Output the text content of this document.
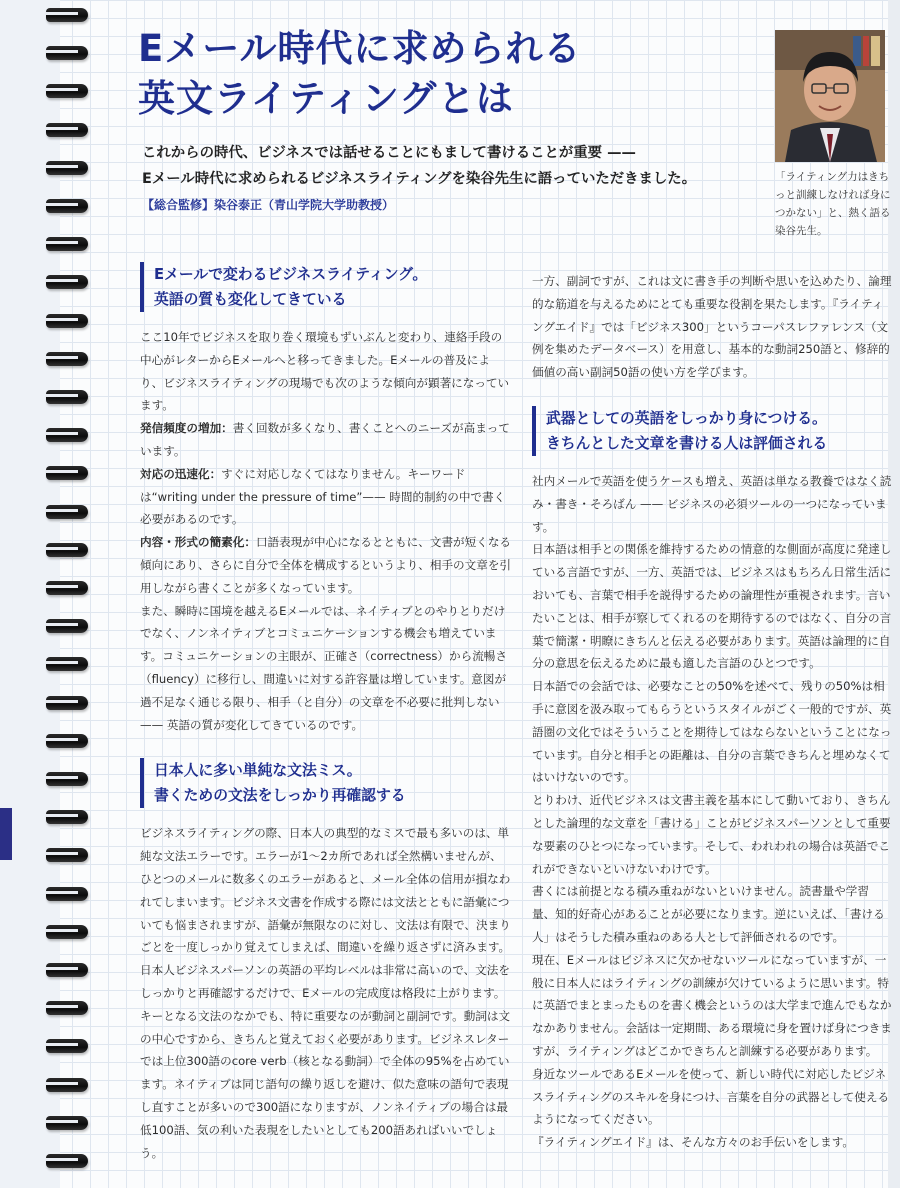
Eメール時代に求められる
英文ライティングとは
これからの時代、ビジネスでは話せることにもまして書けることが重要 ——
Eメール時代に求められるビジネスライティングを染谷先生に語っていただきました。
【総合監修】染谷泰正（青山学院大学助教授）
「ライティング力はきちっと訓練しなければ身につかない」と、熱く語る染谷先生。
Eメールで変わるビジネスライティング。
英語の質も変化してきている

ここ10年でビジネスを取り巻く環境もずいぶんと変わり、連絡手段の中心がレターからEメールへと移ってきました。Eメールの普及により、ビジネスライティングの現場でも次のような傾向が顕著になっています。

発信頻度の増加：書く回数が多くなり、書くことへのニーズが高まっています。

対応の迅速化：すぐに対応しなくてはなりません。キーワードは“writing under the pressure of time”—— 時間的制約の中で書く必要があるのです。

内容・形式の簡素化：口語表現が中心になるとともに、文書が短くなる傾向にあり、さらに自分で全体を構成するというより、相手の文章を引用しながら書くことが多くなっています。

また、瞬時に国境を越えるEメールでは、ネイティブとのやりとりだけでなく、ノンネイティブとコミュニケーションする機会も増えています。コミュニケーションの主眼が、正確さ（correctness）から流暢さ（fluency）に移行し、間違いに対する許容量は増しています。意図が過不足なく通じる限り、相手（と自分）の文章を不必要に批判しない —— 英語の質が変化してきているのです。

日本人に多い単純な文法ミス。
書くための文法をしっかり再確認する

ビジネスライティングの際、日本人の典型的なミスで最も多いのは、単純な文法エラーです。エラーが1〜2カ所であれば全然構いませんが、ひとつのメールに数多くのエラーがあると、メール全体の信用が損なわれてしまいます。ビジネス文書を作成する際には文法とともに語彙についても悩まされますが、語彙が無限なのに対し、文法は有限で、決まりごとを一度しっかり覚えてしまえば、間違いを繰り返さずに済みます。日本人ビジネスパーソンの英語の平均レベルは非常に高いので、文法をしっかりと再確認するだけで、Eメールの完成度は格段に上がります。

キーとなる文法のなかでも、特に重要なのが動詞と副詞です。動詞は文の中心ですから、きちんと覚えておく必要があります。ビジネスレターでは上位300語のcore verb（核となる動詞）で全体の95%を占めています。ネイティブは同じ語句の繰り返しを避け、似た意味の語句で表現し直すことが多いので300語になりますが、ノンネイティブの場合は最低100語、気の利いた表現をしたいとしても200語あればいいでしょう。

一方、副詞ですが、これは文に書き手の判断や思いを込めたり、論理的な筋道を与えるためにとても重要な役割を果たします。『ライティングエイド』では「ビジネス300」というコーパスレファレンス（文例を集めたデータベース）を用意し、基本的な動詞250語と、修辞的価値の高い副詞50語の使い方を学びます。

武器としての英語をしっかり身につける。
きちんとした文章を書ける人は評価される

社内メールで英語を使うケースも増え、英語は単なる教養ではなく読み・書き・そろばん —— ビジネスの必須ツールの一つになっています。

日本語は相手との関係を維持するための情意的な側面が高度に発達している言語ですが、一方、英語では、ビジネスはもちろん日常生活においても、言葉で相手を説得するための論理性が重視されます。言いたいことは、相手が察してくれるのを期待するのではなく、自分の言葉で簡潔・明瞭にきちんと伝える必要があります。英語は論理的に自分の意思を伝えるために最も適した言語のひとつです。

日本語での会話では、必要なことの50%を述べて、残りの50%は相手に意図を汲み取ってもらうというスタイルがごく一般的ですが、英語圏の文化ではそういうことを期待してはならないということになっています。自分と相手との距離は、自分の言葉できちんと埋めなくてはいけないのです。

とりわけ、近代ビジネスは文書主義を基本にして動いており、きちんとした論理的な文章を「書ける」ことがビジネスパーソンとして重要な要素のひとつになっています。そして、われわれの場合は英語でこれができないといけないわけです。

書くには前提となる積み重ねがないといけません。読書量や学習量、知的好奇心があることが必要になります。逆にいえば、「書ける人」はそうした積み重ねのある人として評価されるのです。

現在、Eメールはビジネスに欠かせないツールになっていますが、一般に日本人にはライティングの訓練が欠けているように思います。特に英語でまとまったものを書く機会というのは大学まで進んでもなかなかありません。会話は一定期間、ある環境に身を置けば身につきますが、ライティングはどこかできちんと訓練する必要があります。

身近なツールであるEメールを使って、新しい時代に対応したビジネスライティングのスキルを身につけ、言葉を自分の武器として使えるようになってください。

『ライティングエイド』は、そんな方々のお手伝いをします。
